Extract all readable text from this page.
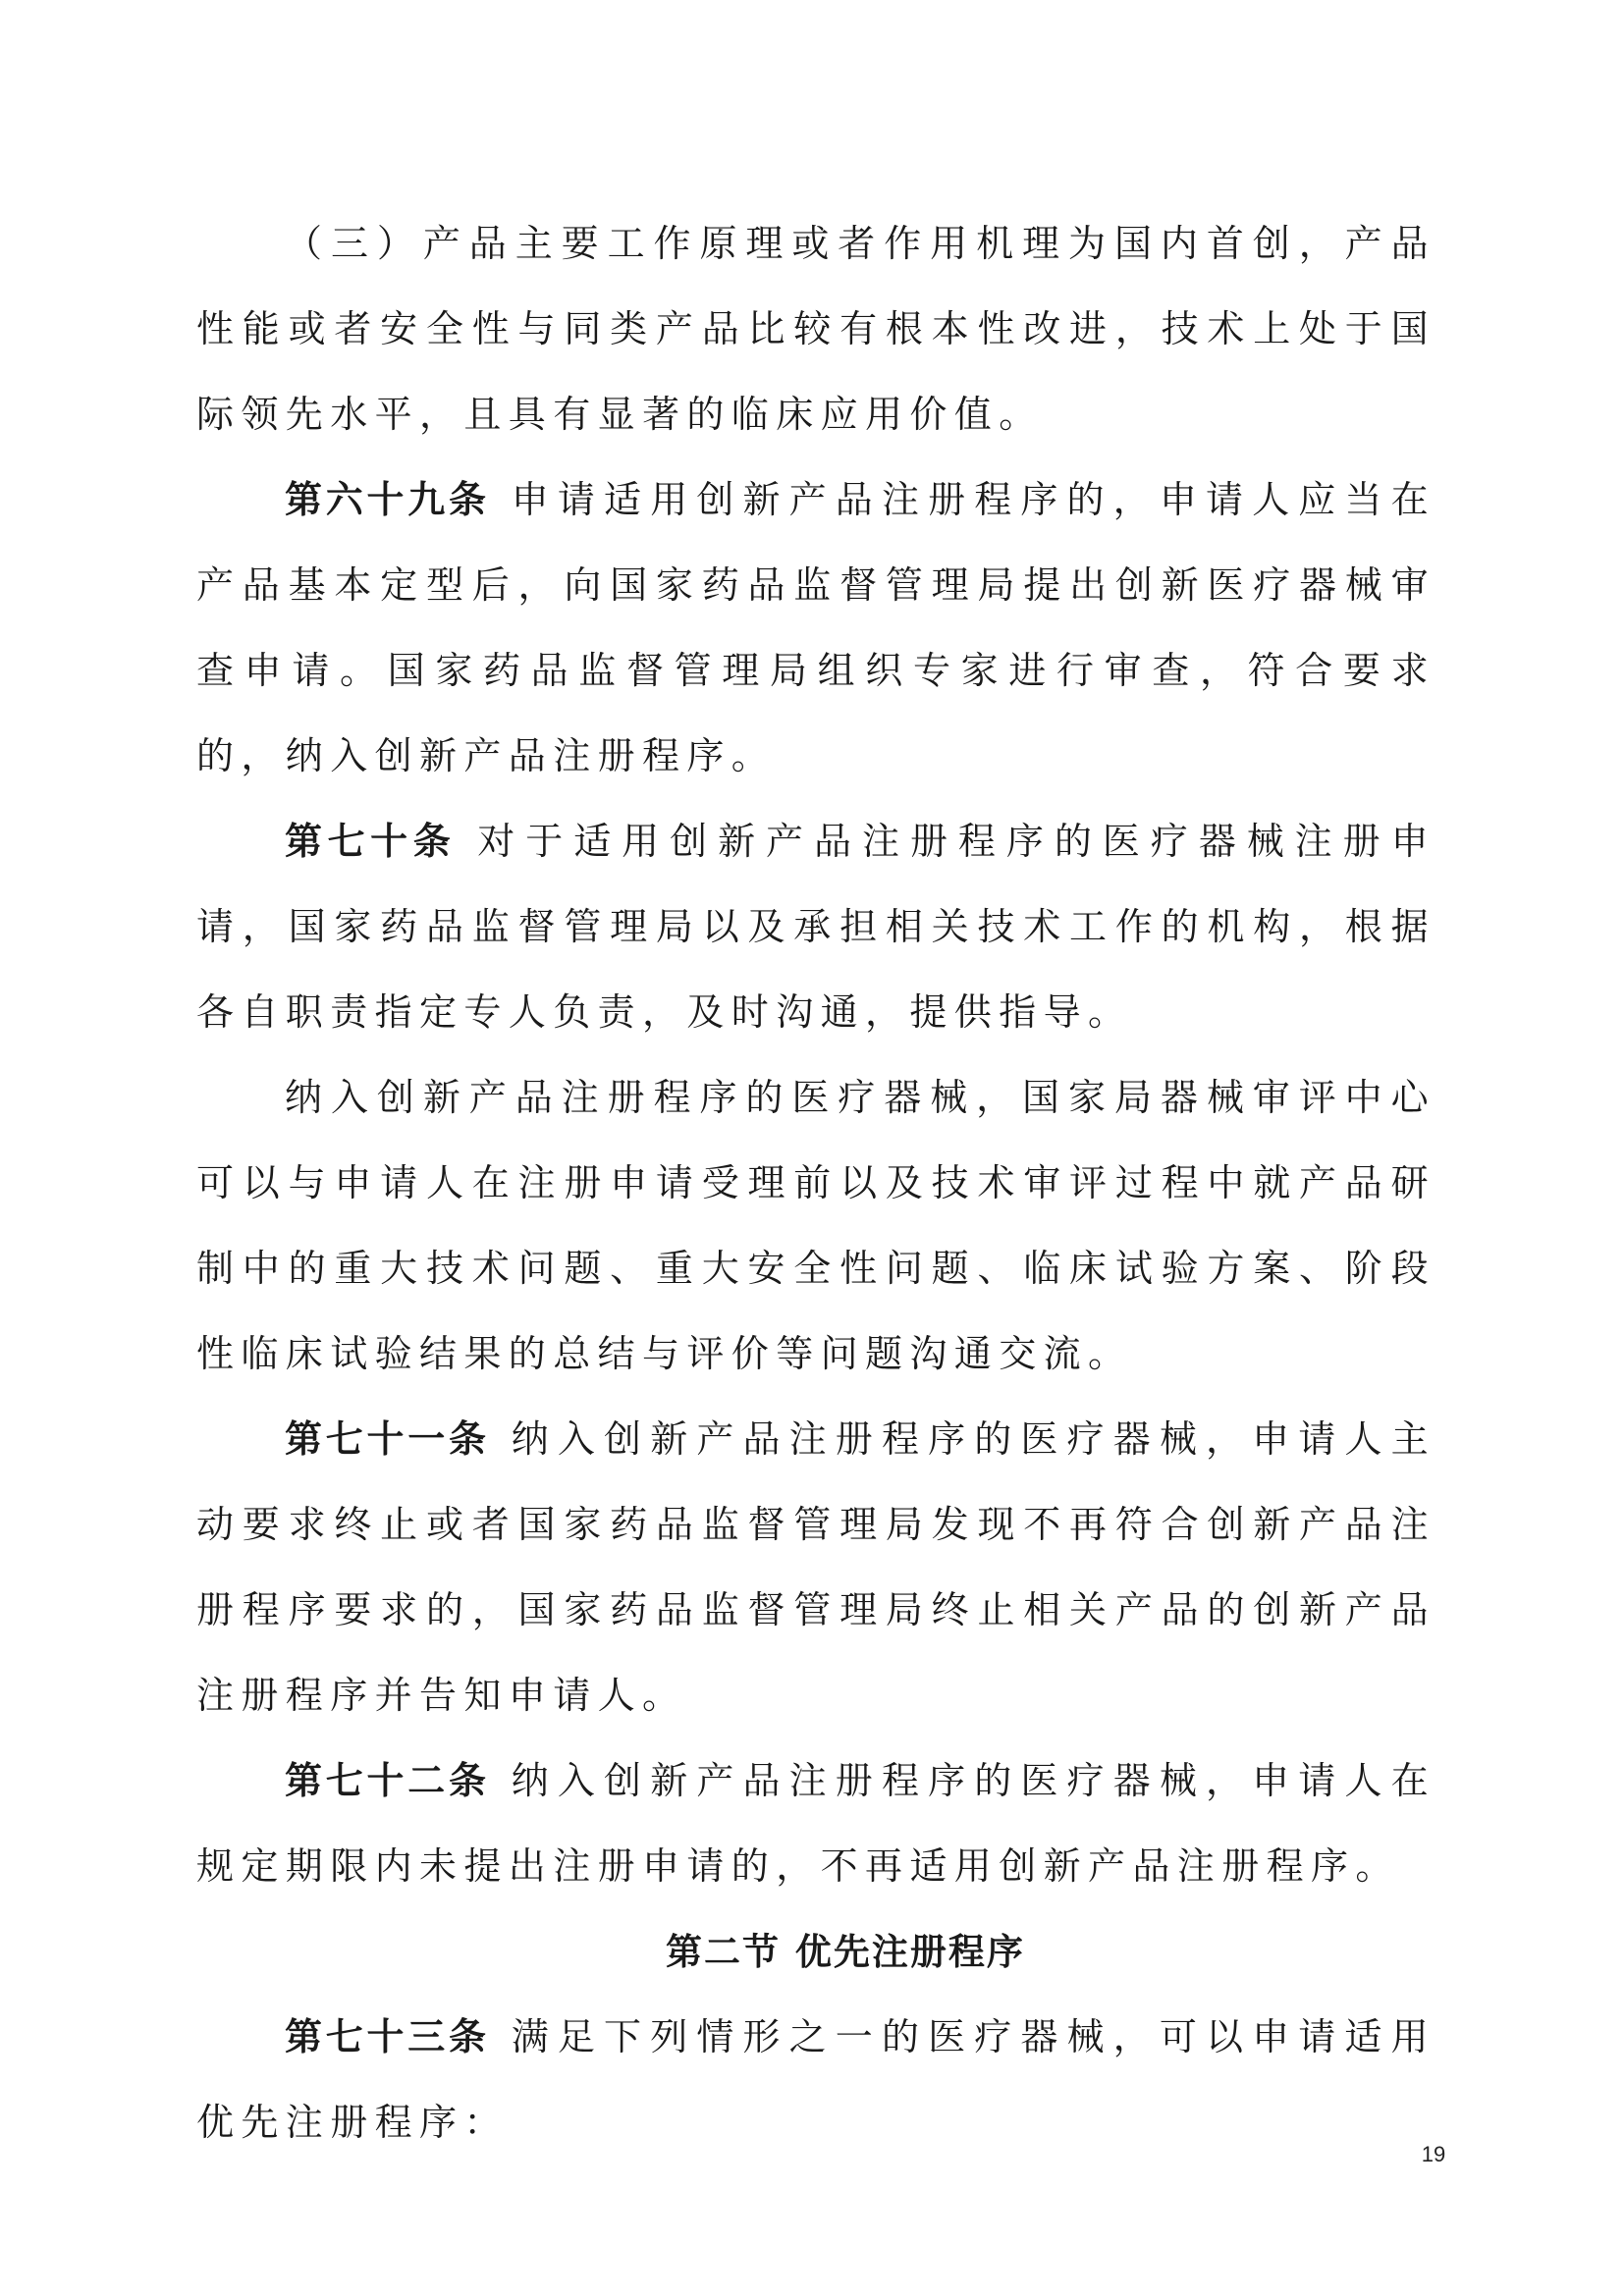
（三）产品主要工作原理或者作用机理为国内首创，产品性能或者安全性与同类产品比较有根本性改进，技术上处于国际领先水平，且具有显著的临床应用价值。

第六十九条 申请适用创新产品注册程序的，申请人应当在产品基本定型后，向国家药品监督管理局提出创新医疗器械审查申请。国家药品监督管理局组织专家进行审查，符合要求的，纳入创新产品注册程序。

第七十条 对于适用创新产品注册程序的医疗器械注册申请，国家药品监督管理局以及承担相关技术工作的机构，根据各自职责指定专人负责，及时沟通，提供指导。

纳入创新产品注册程序的医疗器械，国家局器械审评中心可以与申请人在注册申请受理前以及技术审评过程中就产品研制中的重大技术问题、重大安全性问题、临床试验方案、阶段性临床试验结果的总结与评价等问题沟通交流。

第七十一条 纳入创新产品注册程序的医疗器械，申请人主动要求终止或者国家药品监督管理局发现不再符合创新产品注册程序要求的，国家药品监督管理局终止相关产品的创新产品注册程序并告知申请人。

第七十二条 纳入创新产品注册程序的医疗器械，申请人在规定期限内未提出注册申请的，不再适用创新产品注册程序。

第二节 优先注册程序

第七十三条 满足下列情形之一的医疗器械，可以申请适用优先注册程序：

19
